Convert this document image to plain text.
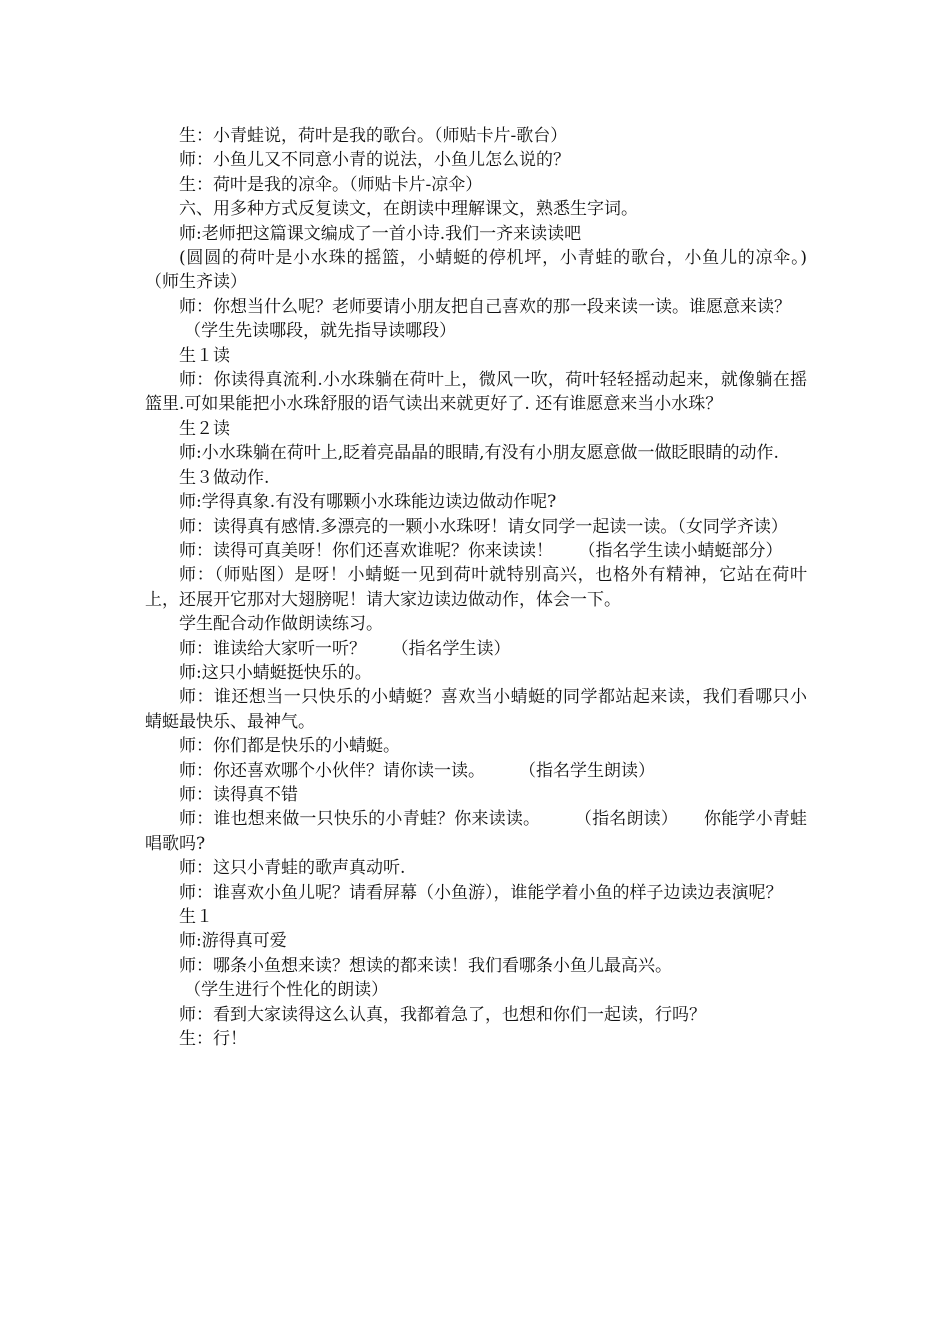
生：小青蛙说，荷叶是我的歌台。（师贴卡片-歌台）

师：小鱼儿又不同意小青的说法，小鱼儿怎么说的？

生：荷叶是我的凉伞。（师贴卡片-凉伞）

六、用多种方式反复读文，在朗读中理解课文，熟悉生字词。

师:老师把这篇课文编成了一首小诗.我们一齐来读读吧

(圆圆的荷叶是小水珠的摇篮，小蜻蜓的停机坪，小青蛙的歌台，小鱼儿的凉伞。)（师生齐读）

师：你想当什么呢？老师要请小朋友把自己喜欢的那一段来读一读。谁愿意来读？

（学生先读哪段，就先指导读哪段）

生１读

师：你读得真流利.小水珠躺在荷叶上，微风一吹，荷叶轻轻摇动起来，就像躺在摇篮里.可如果能把小水珠舒服的语气读出来就更好了. 还有谁愿意来当小水珠？

生２读

师:小水珠躺在荷叶上,眨着亮晶晶的眼睛,有没有小朋友愿意做一做眨眼睛的动作.

生３做动作.

师:学得真象.有没有哪颗小水珠能边读边做动作呢?

师：读得真有感情.多漂亮的一颗小水珠呀！请女同学一起读一读。（女同学齐读）

师：读得可真美呀！你们还喜欢谁呢？你来读读！　　（指名学生读小蜻蜓部分）

师：（师贴图）是呀！小蜻蜓一见到荷叶就特别高兴，也格外有精神，它站在荷叶上，还展开它那对大翅膀呢！请大家边读边做动作，体会一下。

学生配合动作做朗读练习。

师：谁读给大家听一听？　　（指名学生读）

师:这只小蜻蜓挺快乐的。

师：谁还想当一只快乐的小蜻蜓？喜欢当小蜻蜓的同学都站起来读，我们看哪只小蜻蜓最快乐、最神气。

师：你们都是快乐的小蜻蜓。

师：你还喜欢哪个小伙伴？请你读一读。　　　（指名学生朗读）

师：读得真不错

师：谁也想来做一只快乐的小青蛙？你来读读。　　　（指名朗读）　　你能学小青蛙唱歌吗?

师：这只小青蛙的歌声真动听.

师：谁喜欢小鱼儿呢？请看屏幕（小鱼游），谁能学着小鱼的样子边读边表演呢？

生１

师:游得真可爱

师：哪条小鱼想来读？想读的都来读！我们看哪条小鱼儿最高兴。

（学生进行个性化的朗读）

师：看到大家读得这么认真，我都着急了，也想和你们一起读，行吗？

生：行！
